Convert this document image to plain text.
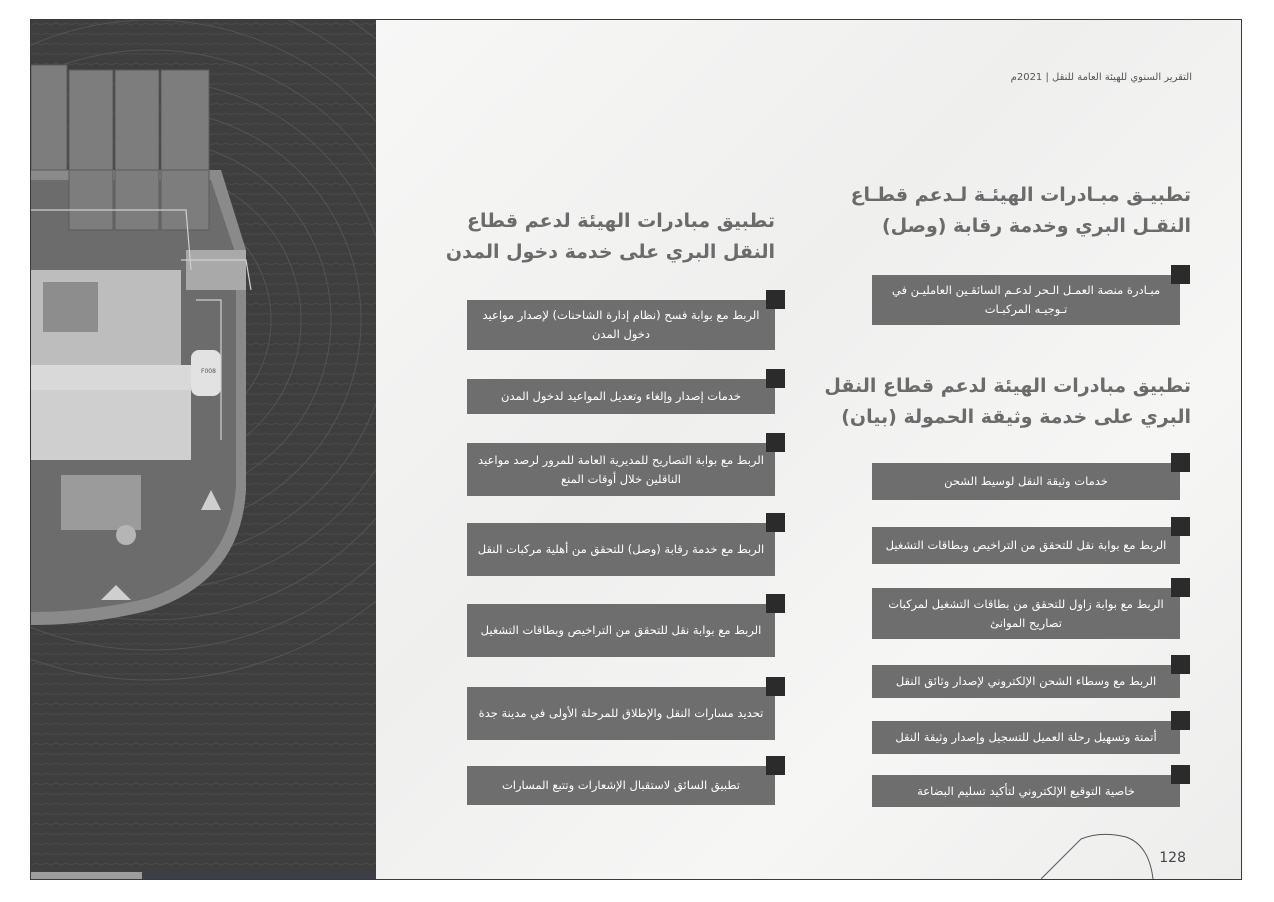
F008
التقرير السنوي للهيئة العامة للنقل | 2021م
تطبيـق مبـادرات الهيئـة لـدعم قطـاع
النقـل البري وخدمة رقابة (وصل)
مبـادرة منصة العمـل الـحر لدعـم السائقـين العامليـن في تـوجيـه المركبـات
تطبيق مبادرات الهيئة لدعم قطاع النقل
البري على خدمة وثيقة الحمولة (بيان)
خدمات وثيقة النقل لوسيط الشحن
الربط مع بوابة نقل للتحقق من التراخيص وبطاقات التشغيل
الربط مع بوابة زاول للتحقق من بطاقات التشغيل لمركبات تصاريح الموانئ
الربط مع وسطاء الشحن الإلكتروني لإصدار وثائق النقل
أتمتة وتسهيل رحلة العميل للتسجيل وإصدار وثيقة النقل
خاصية التوقيع الإلكتروني لتأكيد تسليم البضاعة
تطبيق مبادرات الهيئة لدعم قطاع
النقل البري على خدمة دخول المدن
الربط مع بوابة فسح (نظام إدارة الشاحنات) لإصدار مواعيد دخول المدن
خدمات إصدار وإلغاء وتعديل المواعيد لدخول المدن
الربط مع بوابة التصاريح للمديرية العامة للمرور لرصد مواعيد الناقلين خلال أوقات المنع
الربط مع خدمة رقابة (وصل) للتحقق من أهلية مركبات النقل
الربط مع بوابة نقل للتحقق من التراخيص وبطاقات التشغيل
تحديد مسارات النقل والإطلاق للمرحلة الأولى في مدينة جدة
تطبيق السائق لاستقبال الإشعارات وتتبع المسارات
128
